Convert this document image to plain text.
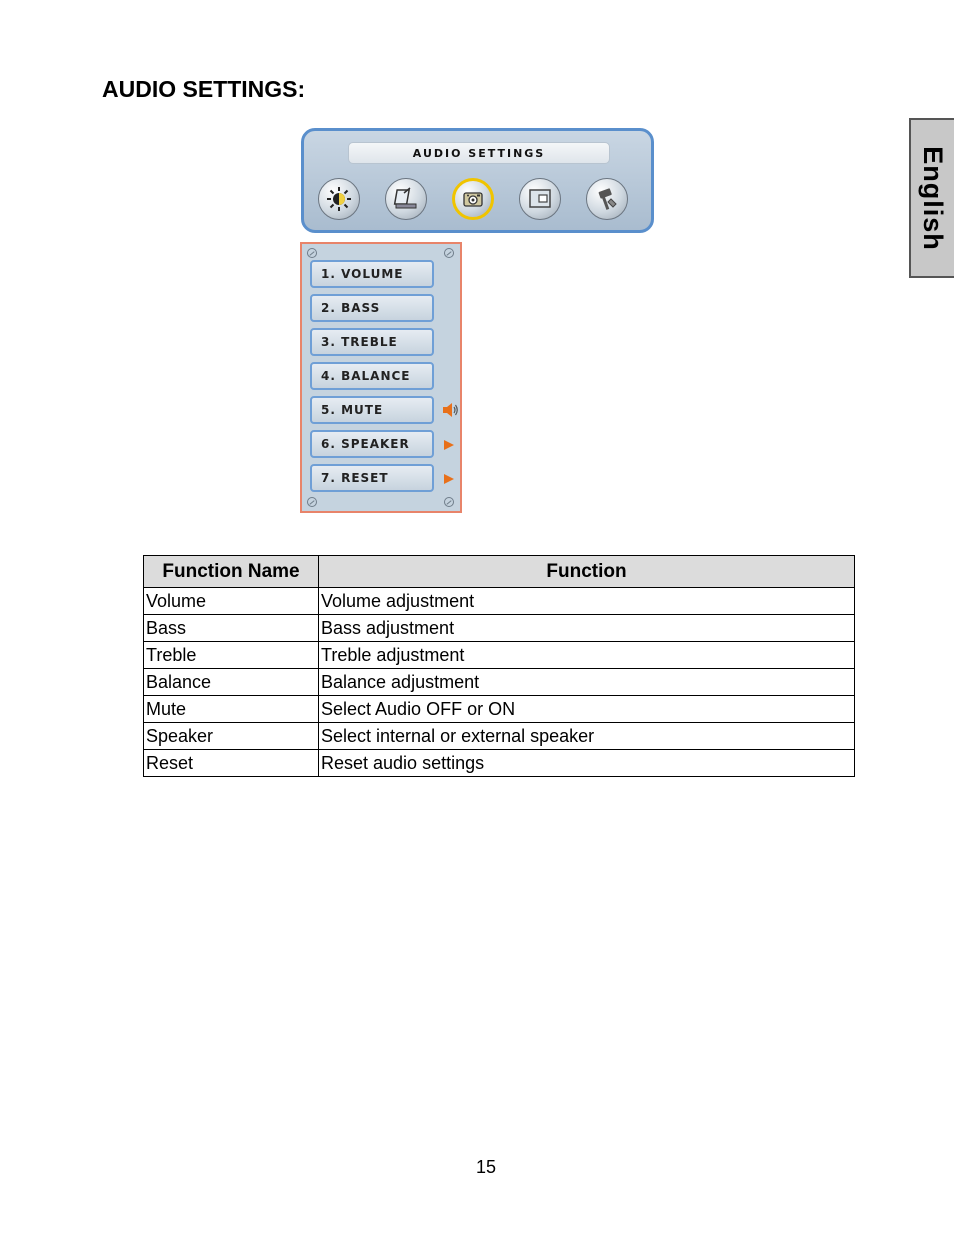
AUDIO SETTINGS:
English
AUDIO SETTINGS
1. VOLUME
2. BASS
3. TREBLE
4. BALANCE
5. MUTE
6. SPEAKER
7. RESET
Function Name	Function
Volume	Volume adjustment
Bass	Bass adjustment
Treble	Treble adjustment
Balance	Balance adjustment
Mute	Select Audio OFF or ON
Speaker	Select internal or external speaker
Reset	Reset audio settings
15
